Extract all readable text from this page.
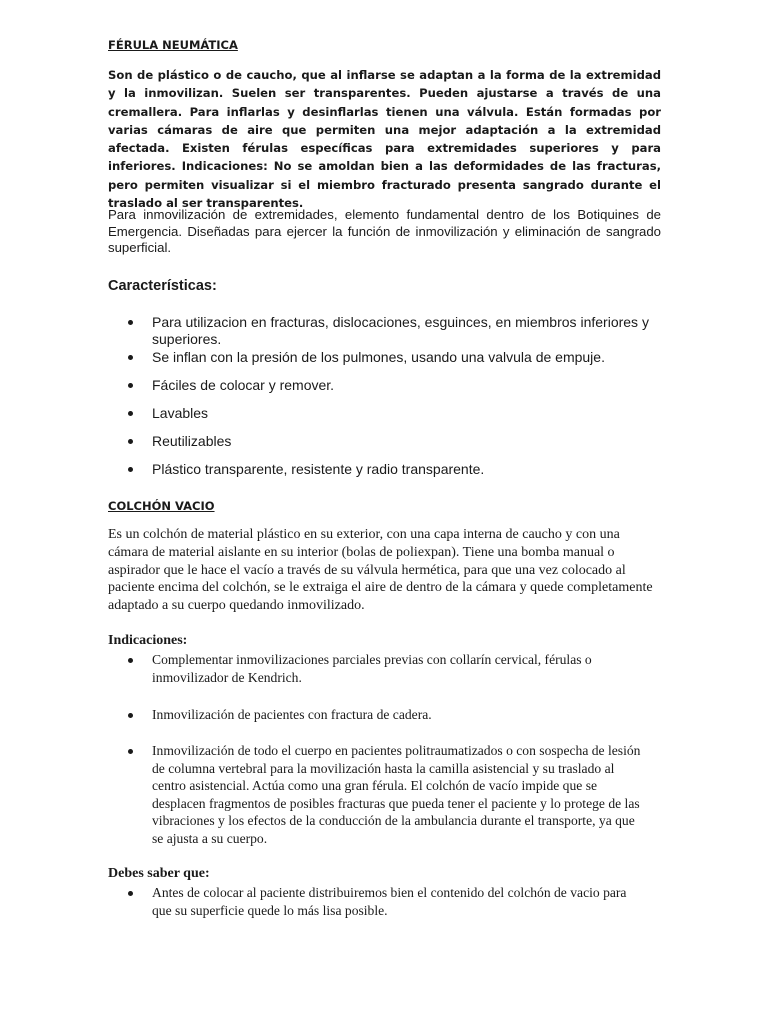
FÉRULA NEUMÁTICA
Son de plástico o de caucho, que al inflarse se adaptan a la forma de la extremidad y la inmovilizan. Suelen ser transparentes. Pueden ajustarse a través de una cremallera. Para inflarlas y desinflarlas tienen una válvula. Están formadas por varias cámaras de aire que permiten una mejor adaptación a la extremidad afectada. Existen férulas específicas para extremidades superiores y para inferiores. Indicaciones: No se amoldan bien a las deformidades de las fracturas, pero permiten visualizar si el miembro fracturado presenta sangrado durante el traslado al ser transparentes.
Para inmovilización de extremidades, elemento fundamental dentro de los Botiquines de Emergencia. Diseñadas para ejercer la función de inmovilización y eliminación de sangrado superficial.
Características:
Para utilizacion en fracturas, dislocaciones, esguinces, en miembros inferiores y superiores.
Se inflan con la presión de los pulmones, usando una valvula de empuje.
Fáciles de colocar y remover.
Lavables
Reutilizables
Plástico transparente, resistente y radio transparente.
COLCHÓN VACIO
Es un colchón de material plástico en su exterior, con una capa interna de caucho y con una cámara de material aislante en su interior (bolas de poliexpan). Tiene una bomba manual o aspirador que le hace el vacío a través de su válvula hermética, para que una vez colocado al paciente encima del colchón, se le extraiga el aire de dentro de la cámara y quede completamente adaptado a su cuerpo quedando inmovilizado.
Indicaciones:
Complementar inmovilizaciones parciales previas con collarín cervical, férulas o inmovilizador de Kendrich.
Inmovilización de pacientes con fractura de cadera.
Inmovilización de todo el cuerpo en pacientes politraumatizados o con sospecha de lesión de columna vertebral para la movilización hasta la camilla asistencial y su traslado al centro asistencial. Actúa como una gran férula. El colchón de vacío impide que se desplacen fragmentos de posibles fracturas que pueda tener el paciente y lo protege de las vibraciones y los efectos de la conducción de la ambulancia durante el transporte, ya que se ajusta a su cuerpo.
Debes saber que:
Antes de colocar al paciente distribuiremos bien el contenido del colchón de vacio para que su superficie quede lo más lisa posible.
